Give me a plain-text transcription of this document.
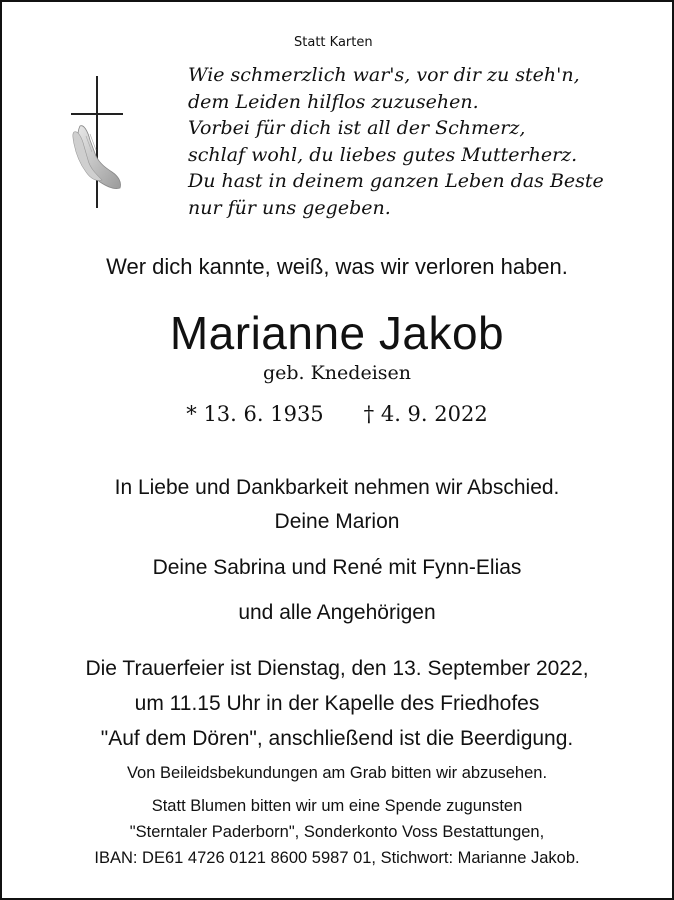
Statt Karten
Wie schmerzlich war's, vor dir zu steh'n,
dem Leiden hilflos zuzusehen.
Vorbei für dich ist all der Schmerz,
schlaf wohl, du liebes gutes Mutterherz.
Du hast in deinem ganzen Leben das Beste
nur für uns gegeben.
Wer dich kannte, weiß, was wir verloren haben.
Marianne Jakob
geb. Knedeisen
* 13. 6. 1935 † 4. 9. 2022
In Liebe und Dankbarkeit nehmen wir Abschied.
Deine Marion
Deine Sabrina und René mit Fynn-Elias
und alle Angehörigen
Die Trauerfeier ist Dienstag, den 13. September 2022,
um 11.15 Uhr in der Kapelle des Friedhofes
"Auf dem Dören", anschließend ist die Beerdigung.
Von Beileidsbekundungen am Grab bitten wir abzusehen.
Statt Blumen bitten wir um eine Spende zugunsten
"Sterntaler Paderborn", Sonderkonto Voss Bestattungen,
IBAN: DE61 4726 0121 8600 5987 01, Stichwort: Marianne Jakob.
